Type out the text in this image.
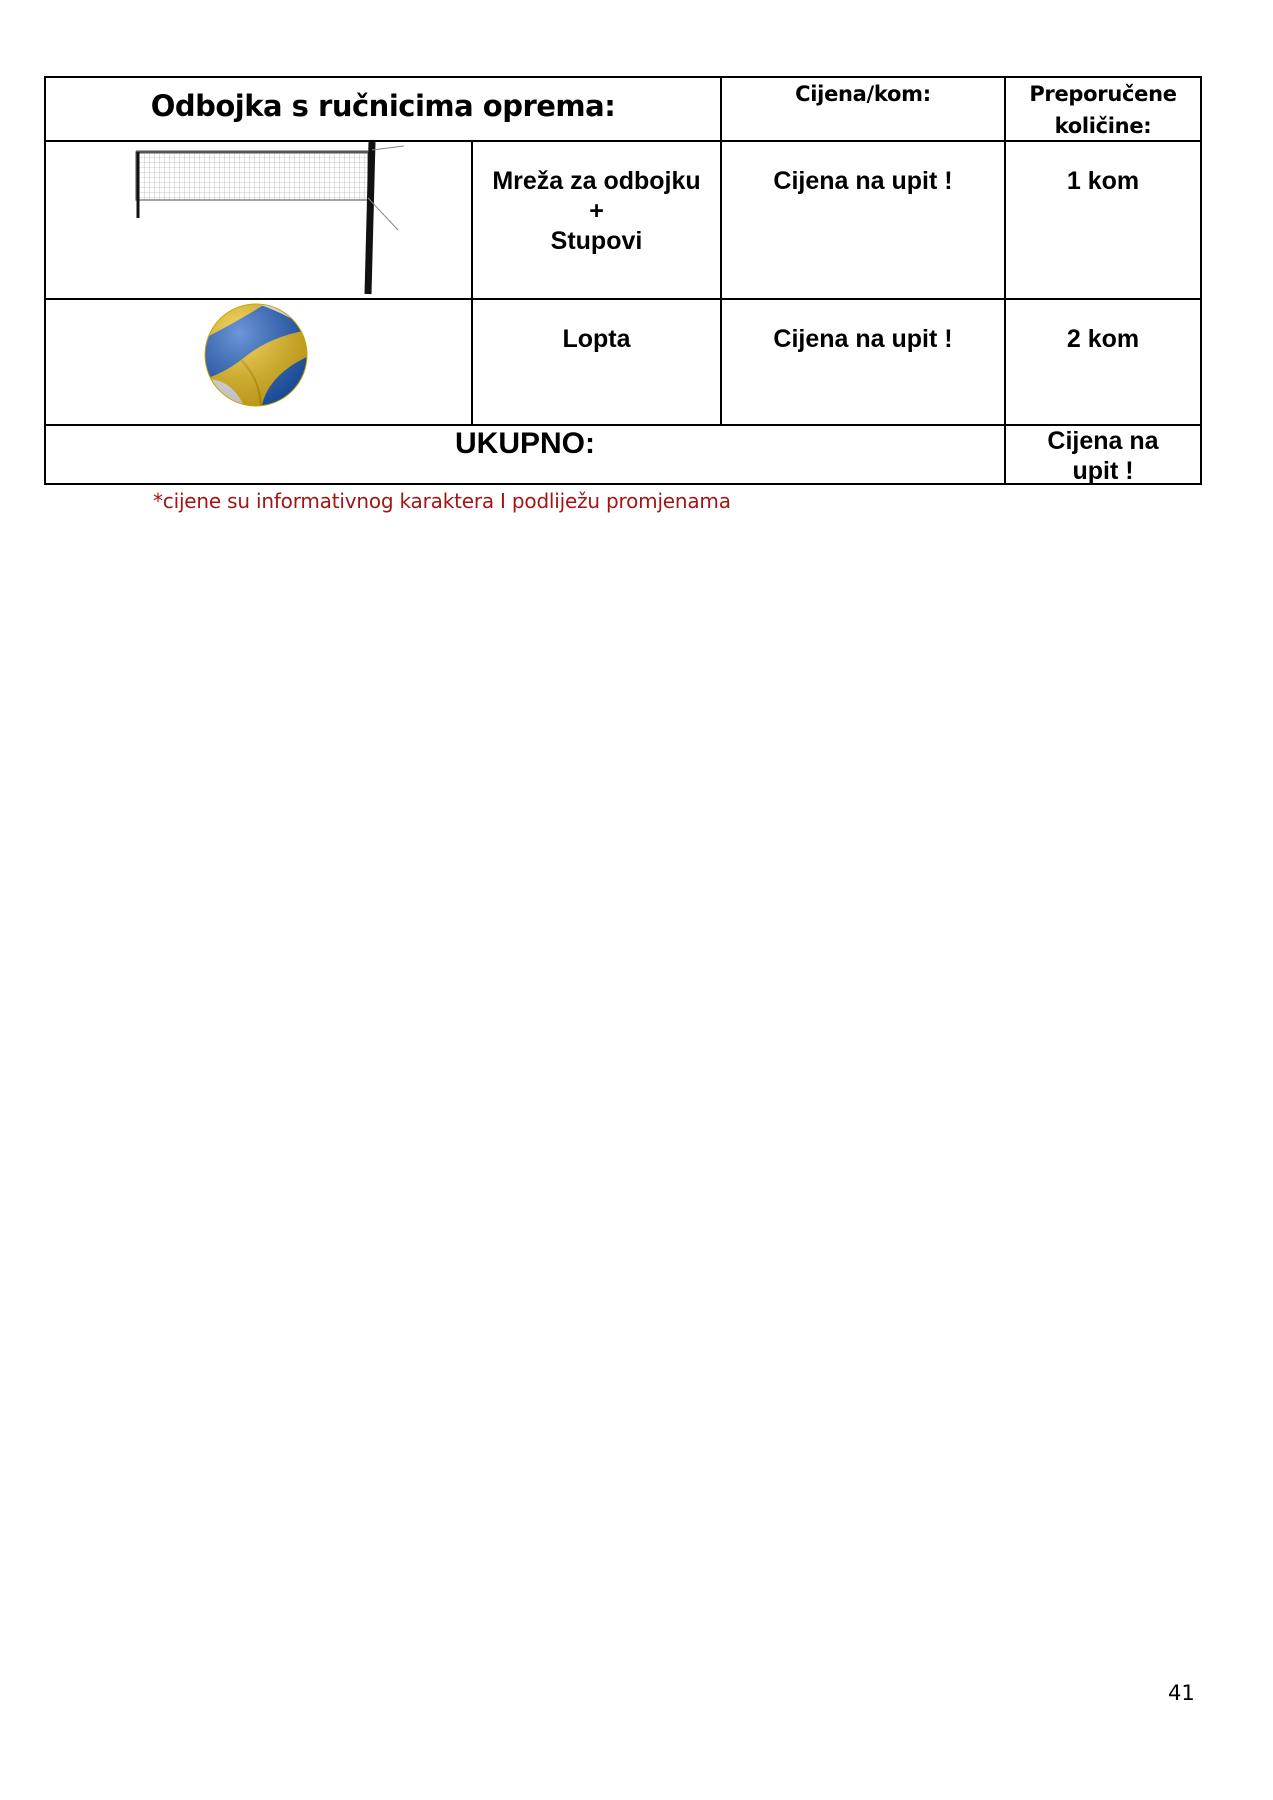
Odbojka s ručnicima oprema:	Cijena/kom:	Preporučene
količine:
Mreža za odbojku
+
Stupovi
Cijena na upit !	1 kom
Lopta	Cijena na upit !	2 kom
UKUPNO:	Cijena na
upit !
*cijene su informativnog karaktera I podliježu promjenama
41
